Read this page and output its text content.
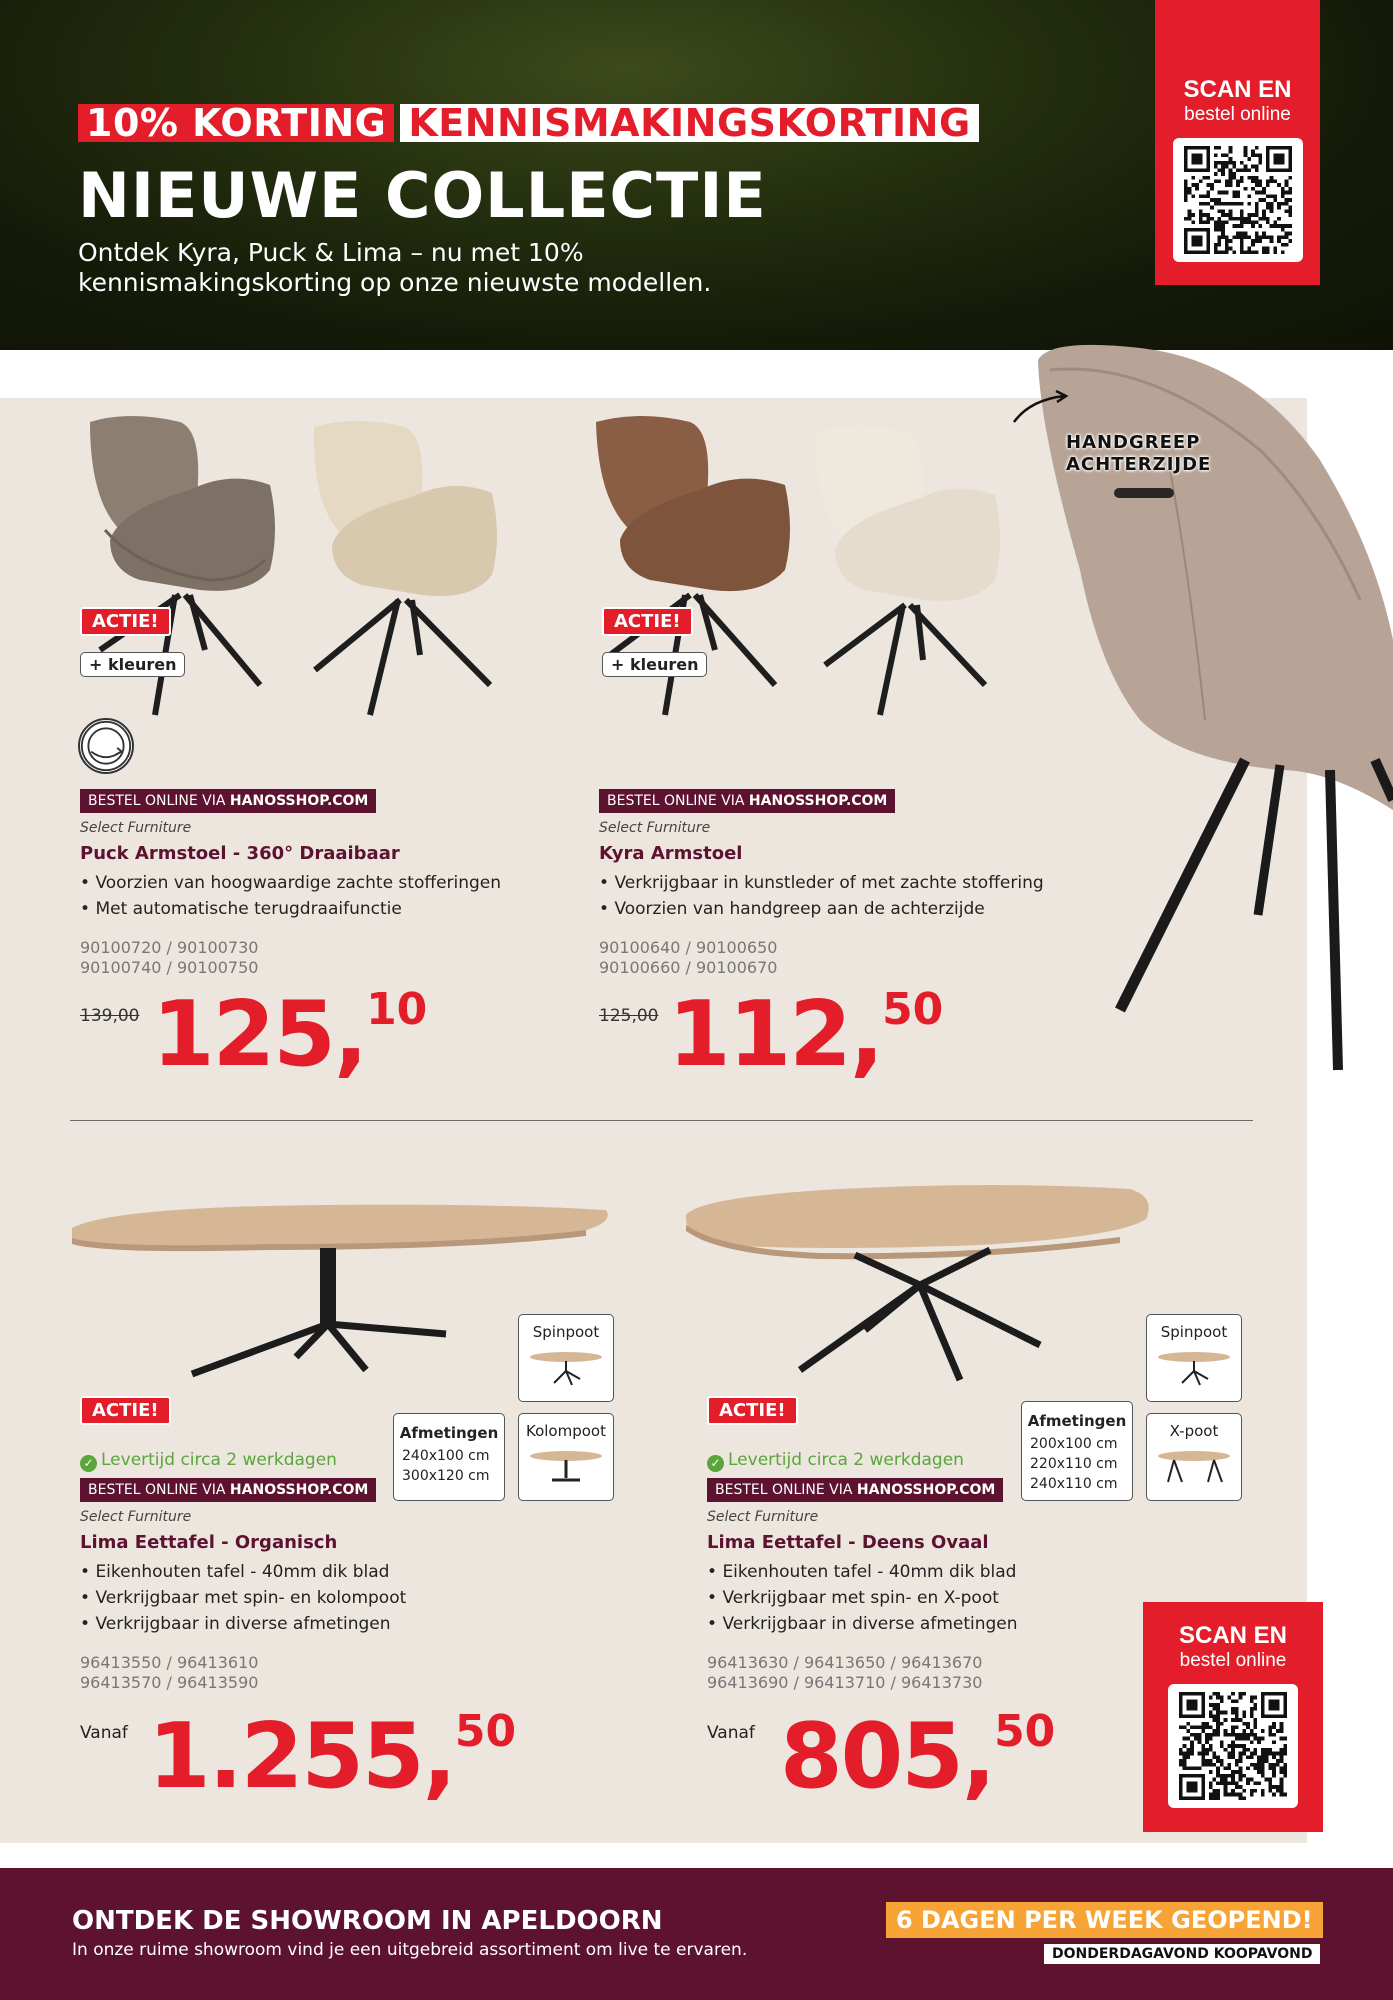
10% KORTING KENNISMAKINGSKORTING
NIEUWE COLLECTIE
Ontdek Kyra, Puck & Lima – nu met 10% kennismakingskorting op onze nieuwste modellen.
SCAN EN
bestel online
HANDGREEP
ACHTERZIJDE
ACTIE!
+ kleuren
BESTEL ONLINE VIA HANOSSHOP.COM
Select Furniture
Puck Armstoel - 360° Draaibaar
• Voorzien van hoogwaardige zachte stofferingen
• Met automatische terugdraaifunctie
90100720 / 90100730
90100740 / 90100750
139,00 125,10
ACTIE!
+ kleuren
BESTEL ONLINE VIA HANOSSHOP.COM
Select Furniture
Kyra Armstoel
• Verkrijgbaar in kunstleder of met zachte stoffering
• Voorzien van handgreep aan de achterzijde
90100640 / 90100650
90100660 / 90100670
125,00 112,50
Spinpoot
Kolompoot
Afmetingen
240x100 cm
300x120 cm
ACTIE!
✓ Levertijd circa 2 werkdagen
BESTEL ONLINE VIA HANOSSHOP.COM
Select Furniture
Lima Eettafel - Organisch
• Eikenhouten tafel - 40mm dik blad
• Verkrijgbaar met spin- en kolompoot
• Verkrijgbaar in diverse afmetingen
96413550 / 96413610
96413570 / 96413590
Vanaf 1.255,50
Spinpoot
X-poot
Afmetingen
200x100 cm
220x110 cm
240x110 cm
ACTIE!
✓ Levertijd circa 2 werkdagen
BESTEL ONLINE VIA HANOSSHOP.COM
Select Furniture
Lima Eettafel - Deens Ovaal
• Eikenhouten tafel - 40mm dik blad
• Verkrijgbaar met spin- en X-poot
• Verkrijgbaar in diverse afmetingen
96413630 / 96413650 / 96413670
96413690 / 96413710 / 96413730
Vanaf 805,50
SCAN EN
bestel online
ONTDEK DE SHOWROOM IN APELDOORN
In onze ruime showroom vind je een uitgebreid assortiment om live te ervaren.
6 DAGEN PER WEEK GEOPEND!
DONDERDAGAVOND KOOPAVOND
